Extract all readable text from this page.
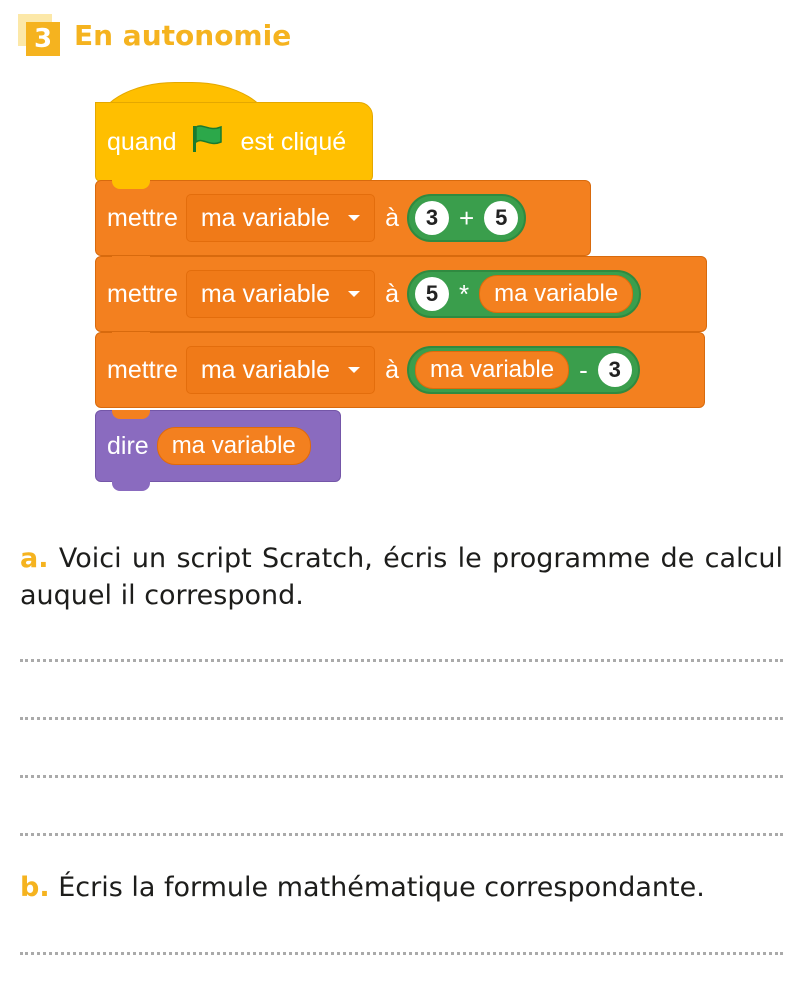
3 En autonomie
quand	est cliqué
mettre ma variable à	3 + 5
mettre ma variable à	5 *	ma variable
mettre ma variable à	ma variable - 3
dire ma variable
a. Voici un script Scratch, écris le programme de calcul auquel il correspond.
b. Écris la formule mathématique correspondante.
